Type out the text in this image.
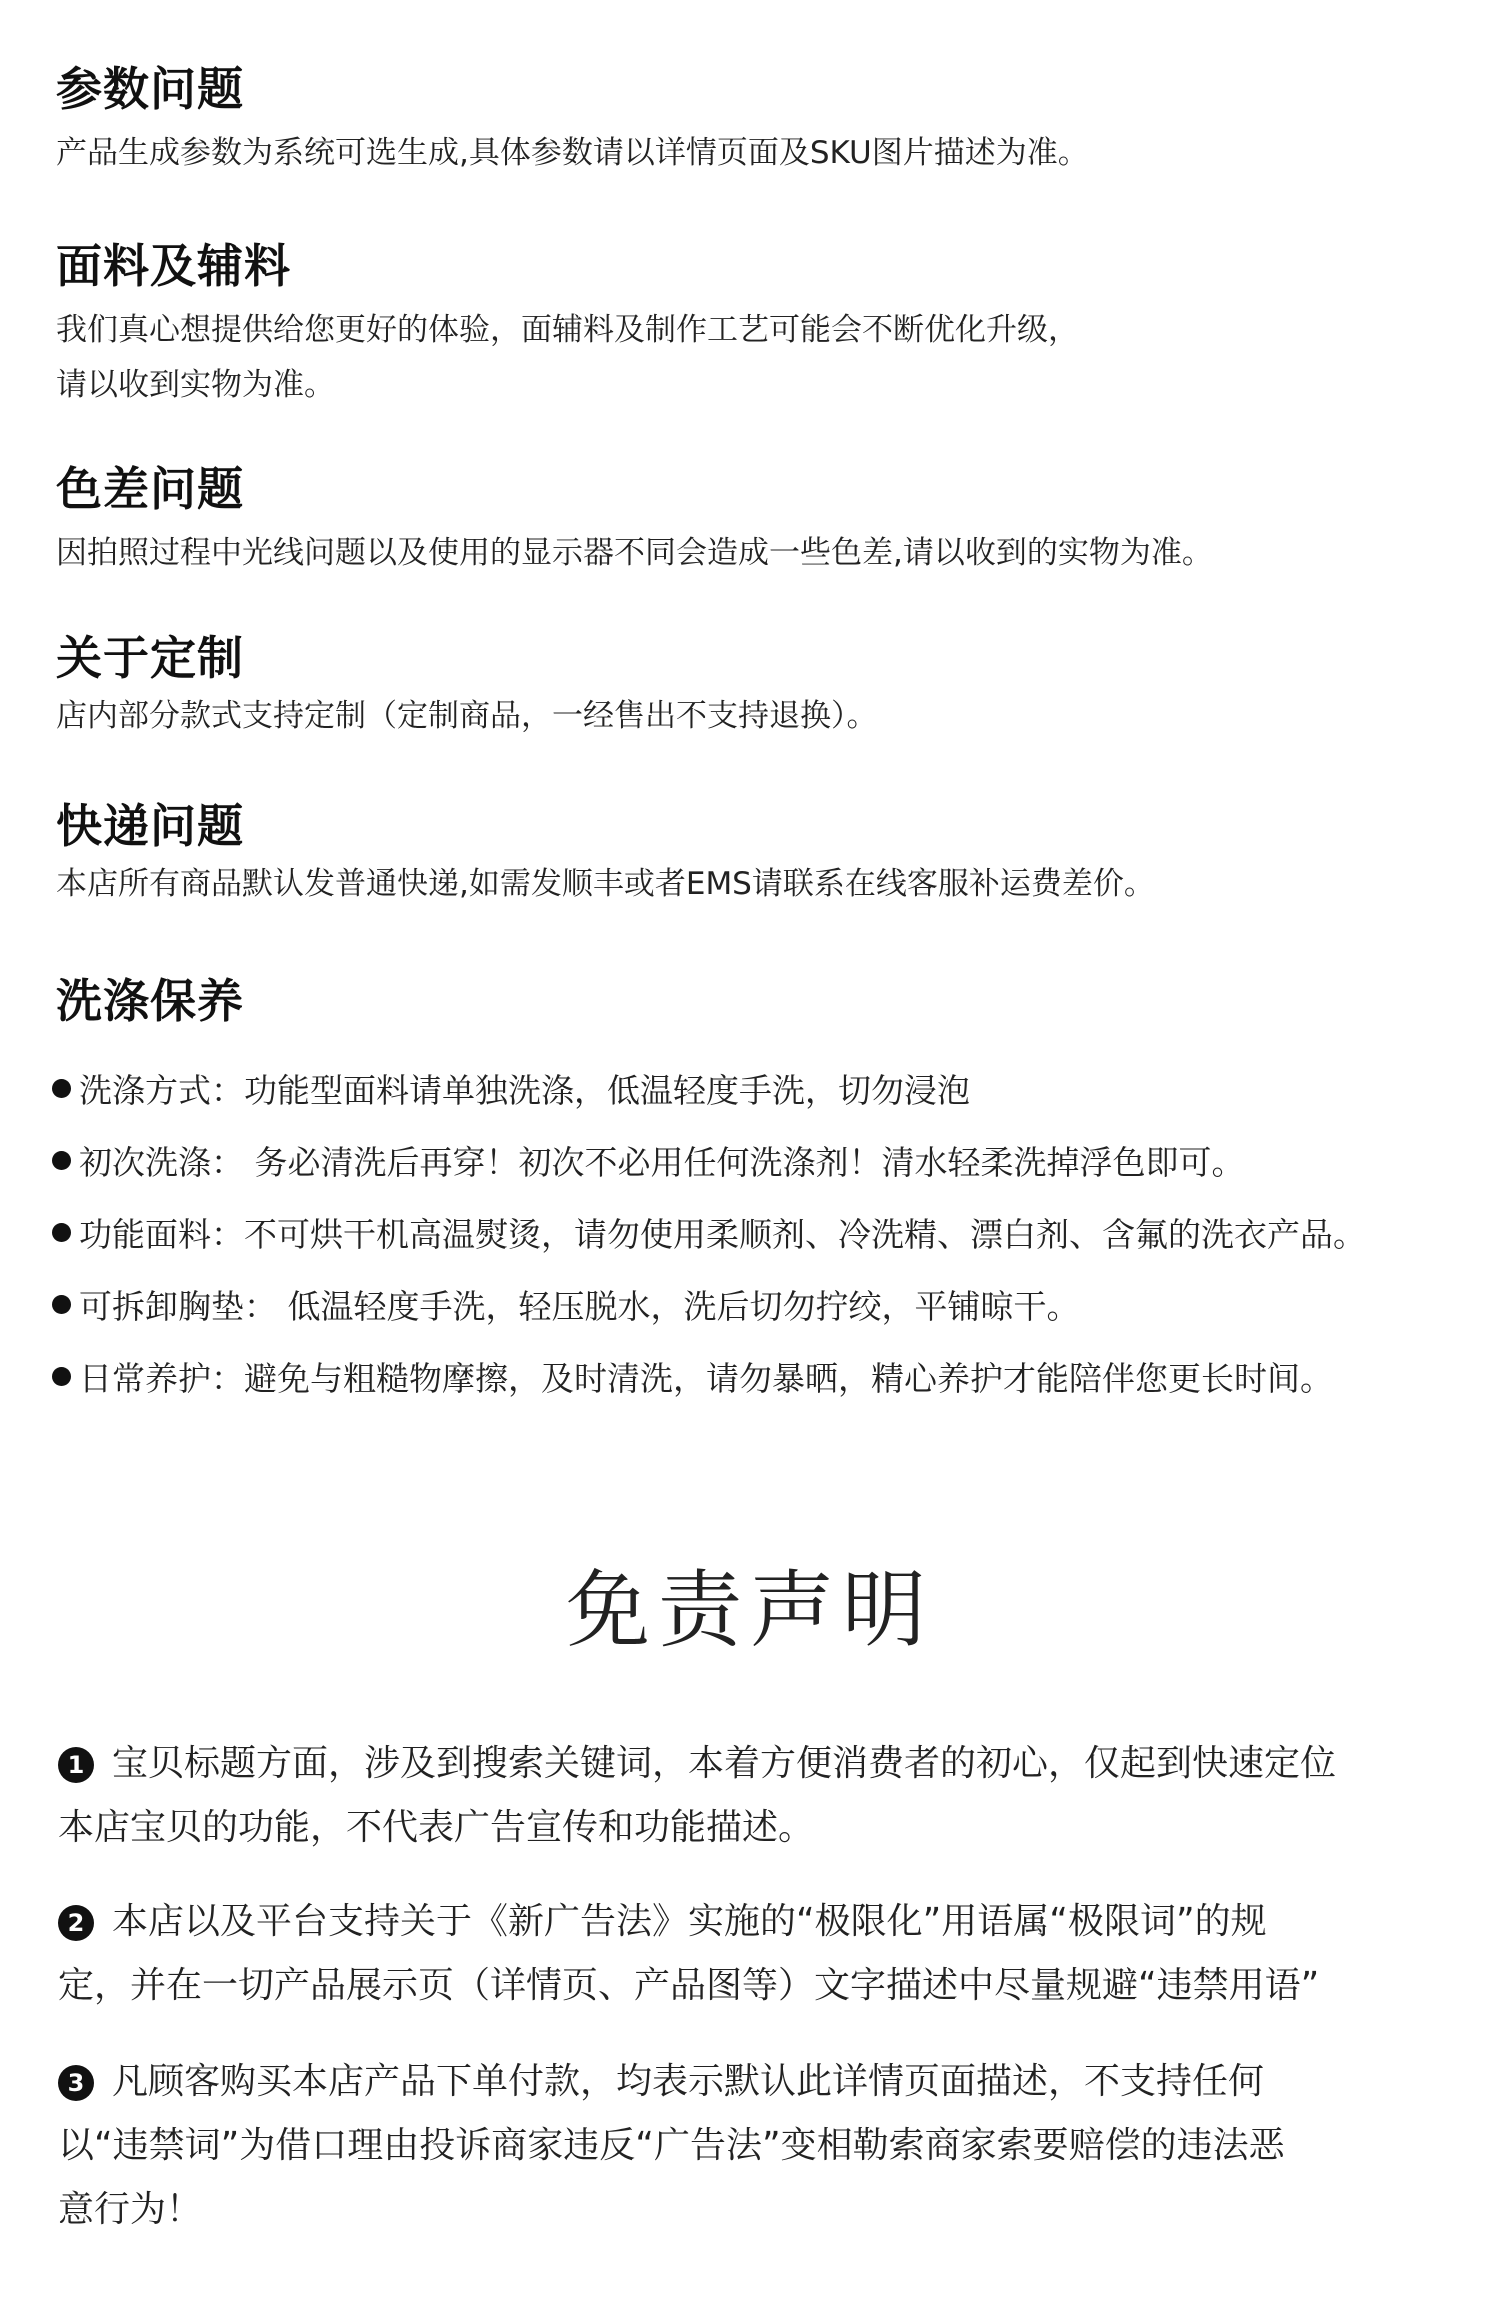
参数问题

产品生成参数为系统可选生成,具体参数请以详情页面及SKU图片描述为准。

面料及辅料

我们真心想提供给您更好的体验，面辅料及制作工艺可能会不断优化升级，

请以收到实物为准。

色差问题

因拍照过程中光线问题以及使用的显示器不同会造成一些色差,请以收到的实物为准。

关于定制

店内部分款式支持定制（定制商品，一经售出不支持退换）。

快递问题

本店所有商品默认发普通快递,如需发顺丰或者EMS请联系在线客服补运费差价。

洗涤保养
洗涤方式：功能型面料请单独洗涤，低温轻度手洗，切勿浸泡
初次洗涤： 务必清洗后再穿！初次不必用任何洗涤剂！清水轻柔洗掉浮色即可。
功能面料：不可烘干机高温熨烫，请勿使用柔顺剂、冷洗精、漂白剂、含氟的洗衣产品。
可拆卸胸垫： 低温轻度手洗，轻压脱水，洗后切勿拧绞，平铺晾干。
日常养护：避免与粗糙物摩擦，及时清洗，请勿暴晒，精心养护才能陪伴您更长时间。
免责声明
1 宝贝标题方面，涉及到搜索关键词，本着方便消费者的初心，仅起到快速定位
本店宝贝的功能，不代表广告宣传和功能描述。
2 本店以及平台支持关于《新广告法》实施的“极限化”用语属“极限词”的规
定，并在一切产品展示页（详情页、产品图等）文字描述中尽量规避“违禁用语”
3 凡顾客购买本店产品下单付款，均表示默认此详情页面描述，不支持任何
以“违禁词”为借口理由投诉商家违反“广告法”变相勒索商家索要赔偿的违法恶
意行为！
